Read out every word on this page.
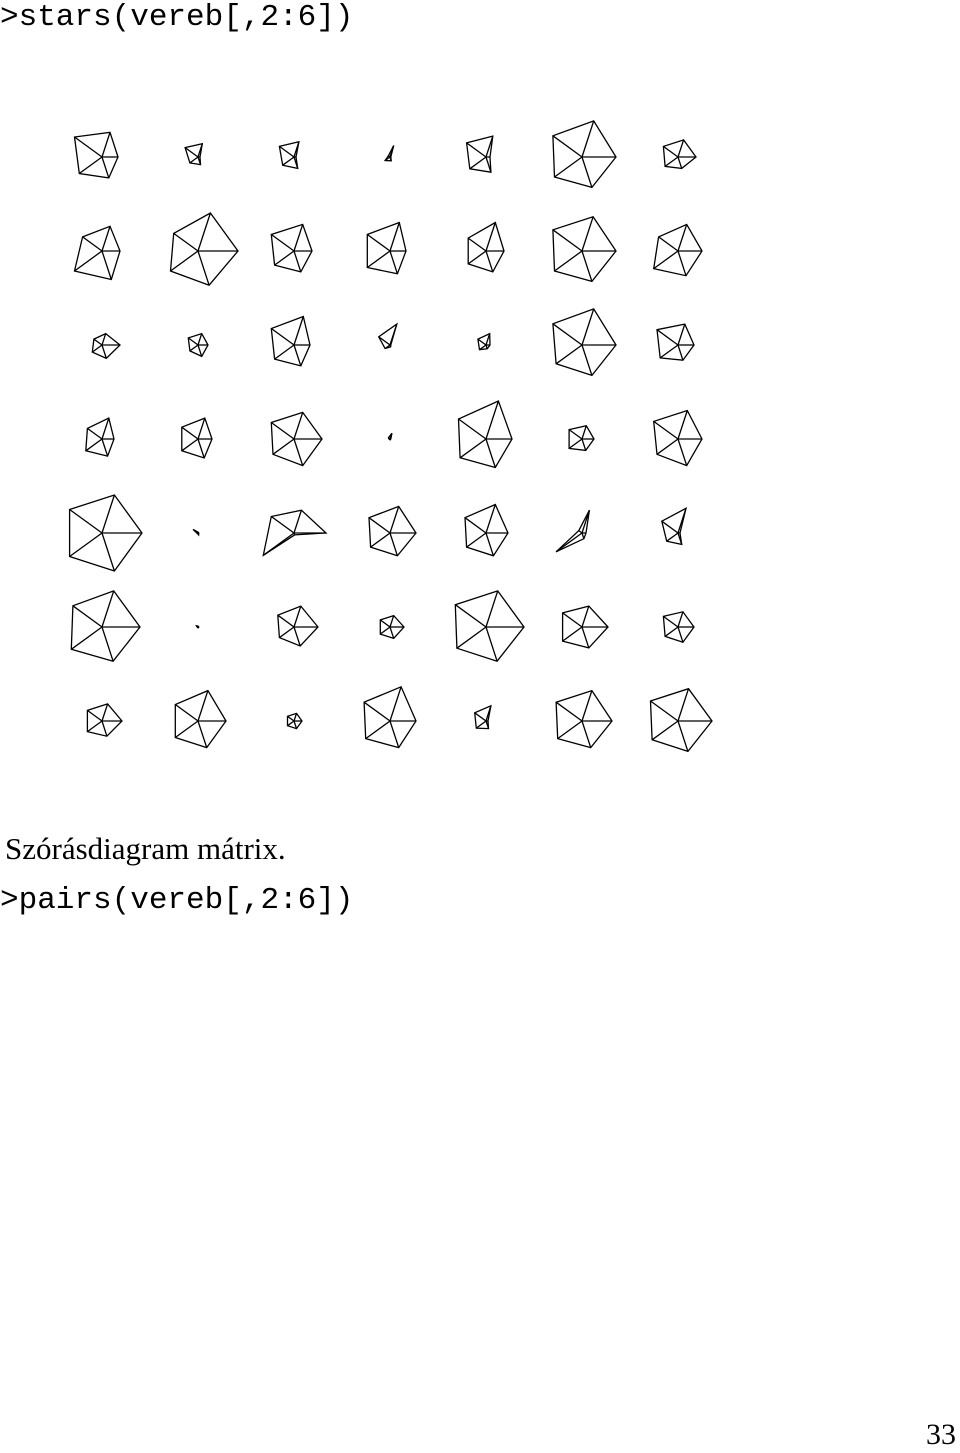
>stars(vereb[,2:6])
Szórásdiagram mátrix.
>pairs(vereb[,2:6])
33
